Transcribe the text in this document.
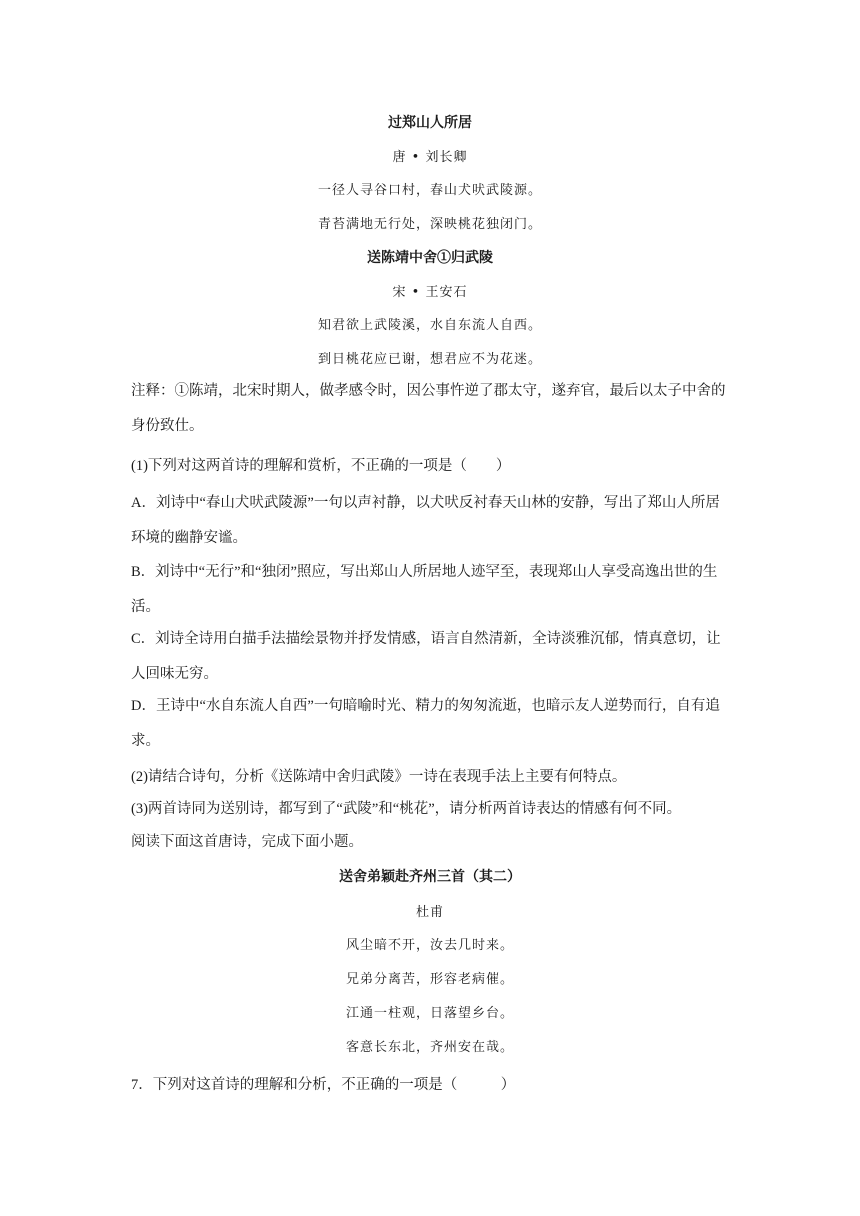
过郑山人所居

唐 • 刘长卿

一径人寻谷口村，春山犬吠武陵源。

青苔满地无行处，深映桃花独闭门。

送陈靖中舍①归武陵

宋 • 王安石

知君欲上武陵溪，水自东流人自西。

到日桃花应已谢，想君应不为花迷。

注释：①陈靖，北宋时期人，做孝感令时，因公事忤逆了郡太守，遂弃官，最后以太子中舍的身份致仕。

(1)下列对这两首诗的理解和赏析，不正确的一项是（　　）

A．刘诗中“春山犬吠武陵源”一句以声衬静，以犬吠反衬春天山林的安静，写出了郑山人所居环境的幽静安谧。

B．刘诗中“无行”和“独闭”照应，写出郑山人所居地人迹罕至，表现郑山人享受高逸出世的生活。

C．刘诗全诗用白描手法描绘景物并抒发情感，语言自然清新，全诗淡雅沉郁，情真意切，让人回味无穷。

D．王诗中“水自东流人自西”一句暗喻时光、精力的匆匆流逝，也暗示友人逆势而行，自有追求。

(2)请结合诗句，分析《送陈靖中舍归武陵》一诗在表现手法上主要有何特点。

(3)两首诗同为送别诗，都写到了“武陵”和“桃花”，请分析两首诗表达的情感有何不同。

阅读下面这首唐诗，完成下面小题。

送舍弟颖赴齐州三首（其二）

杜甫

风尘暗不开，汝去几时来。

兄弟分离苦，形容老病催。

江通一柱观，日落望乡台。

客意长东北，齐州安在哉。

7．下列对这首诗的理解和分析，不正确的一项是（　　　）
